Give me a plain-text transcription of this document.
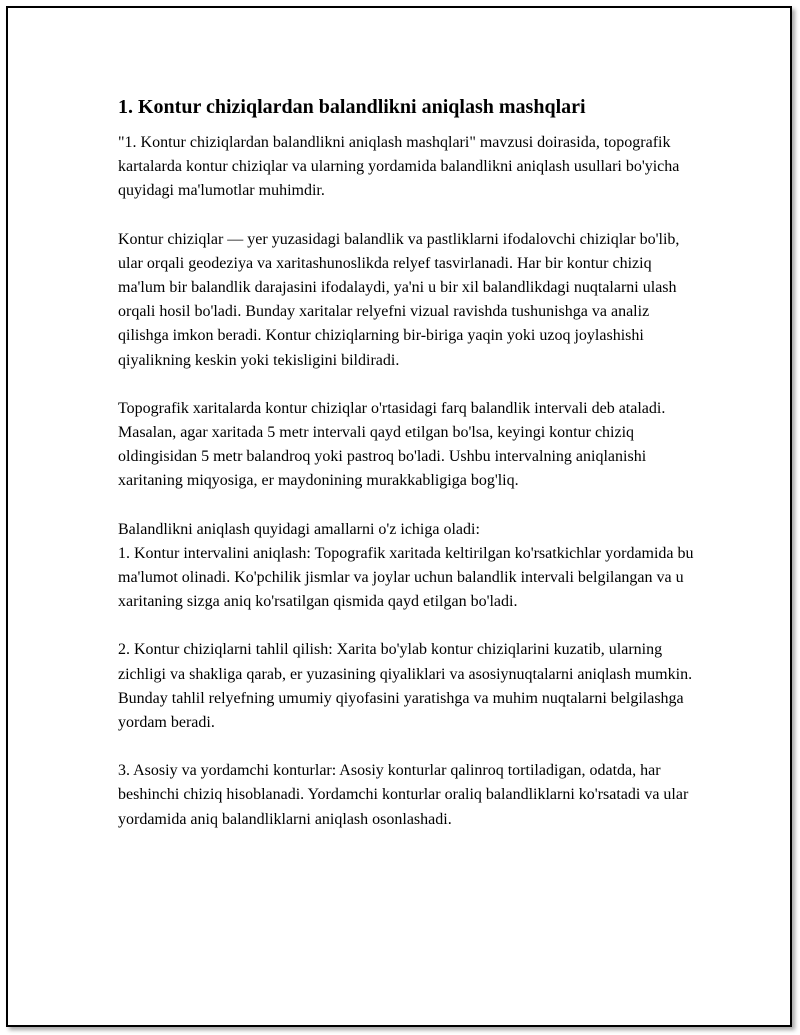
1. Kontur chiziqlardan balandlikni aniqlash mashqlari

"1. Kontur chiziqlardan balandlikni aniqlash mashqlari" mavzusi doirasida, topografik kartalarda kontur chiziqlar va ularning yordamida balandlikni aniqlash usullari bo'yicha quyidagi ma'lumotlar muhimdir.

Kontur chiziqlar — yer yuzasidagi balandlik va pastliklarni ifodalovchi chiziqlar bo'lib, ular orqali geodeziya va xaritashunoslikda relyef tasvirlanadi. Har bir kontur chiziq ma'lum bir balandlik darajasini ifodalaydi, ya'ni u bir xil balandlikdagi nuqtalarni ulash orqali hosil bo'ladi. Bunday xaritalar relyefni vizual ravishda tushunishga va analiz qilishga imkon beradi. Kontur chiziqlarning bir-biriga yaqin yoki uzoq joylashishi qiyalikning keskin yoki tekisligini bildiradi.

Topografik xaritalarda kontur chiziqlar o'rtasidagi farq balandlik intervali deb ataladi. Masalan, agar xaritada 5 metr intervali qayd etilgan bo'lsa, keyingi kontur chiziq oldingisidan 5 metr balandroq yoki pastroq bo'ladi. Ushbu intervalning aniqlanishi xaritaning miqyosiga, er maydonining murakkabligiga bog'liq.

Balandlikni aniqlash quyidagi amallarni o'z ichiga oladi:

1. Kontur intervalini aniqlash: Topografik xaritada keltirilgan ko'rsatkichlar yordamida bu ma'lumot olinadi. Ko'pchilik jismlar va joylar uchun balandlik intervali belgilangan va u xaritaning sizga aniq ko'rsatilgan qismida qayd etilgan bo'ladi.

2. Kontur chiziqlarni tahlil qilish: Xarita bo'ylab kontur chiziqlarini kuzatib, ularning zichligi va shakliga qarab, er yuzasining qiyaliklari va asosiynuqtalarni aniqlash mumkin. Bunday tahlil relyefning umumiy qiyofasini yaratishga va muhim nuqtalarni belgilashga yordam beradi.

3. Asosiy va yordamchi konturlar: Asosiy konturlar qalinroq tortiladigan, odatda, har beshinchi chiziq hisoblanadi. Yordamchi konturlar oraliq balandliklarni ko'rsatadi va ular yordamida aniq balandliklarni aniqlash osonlashadi.
